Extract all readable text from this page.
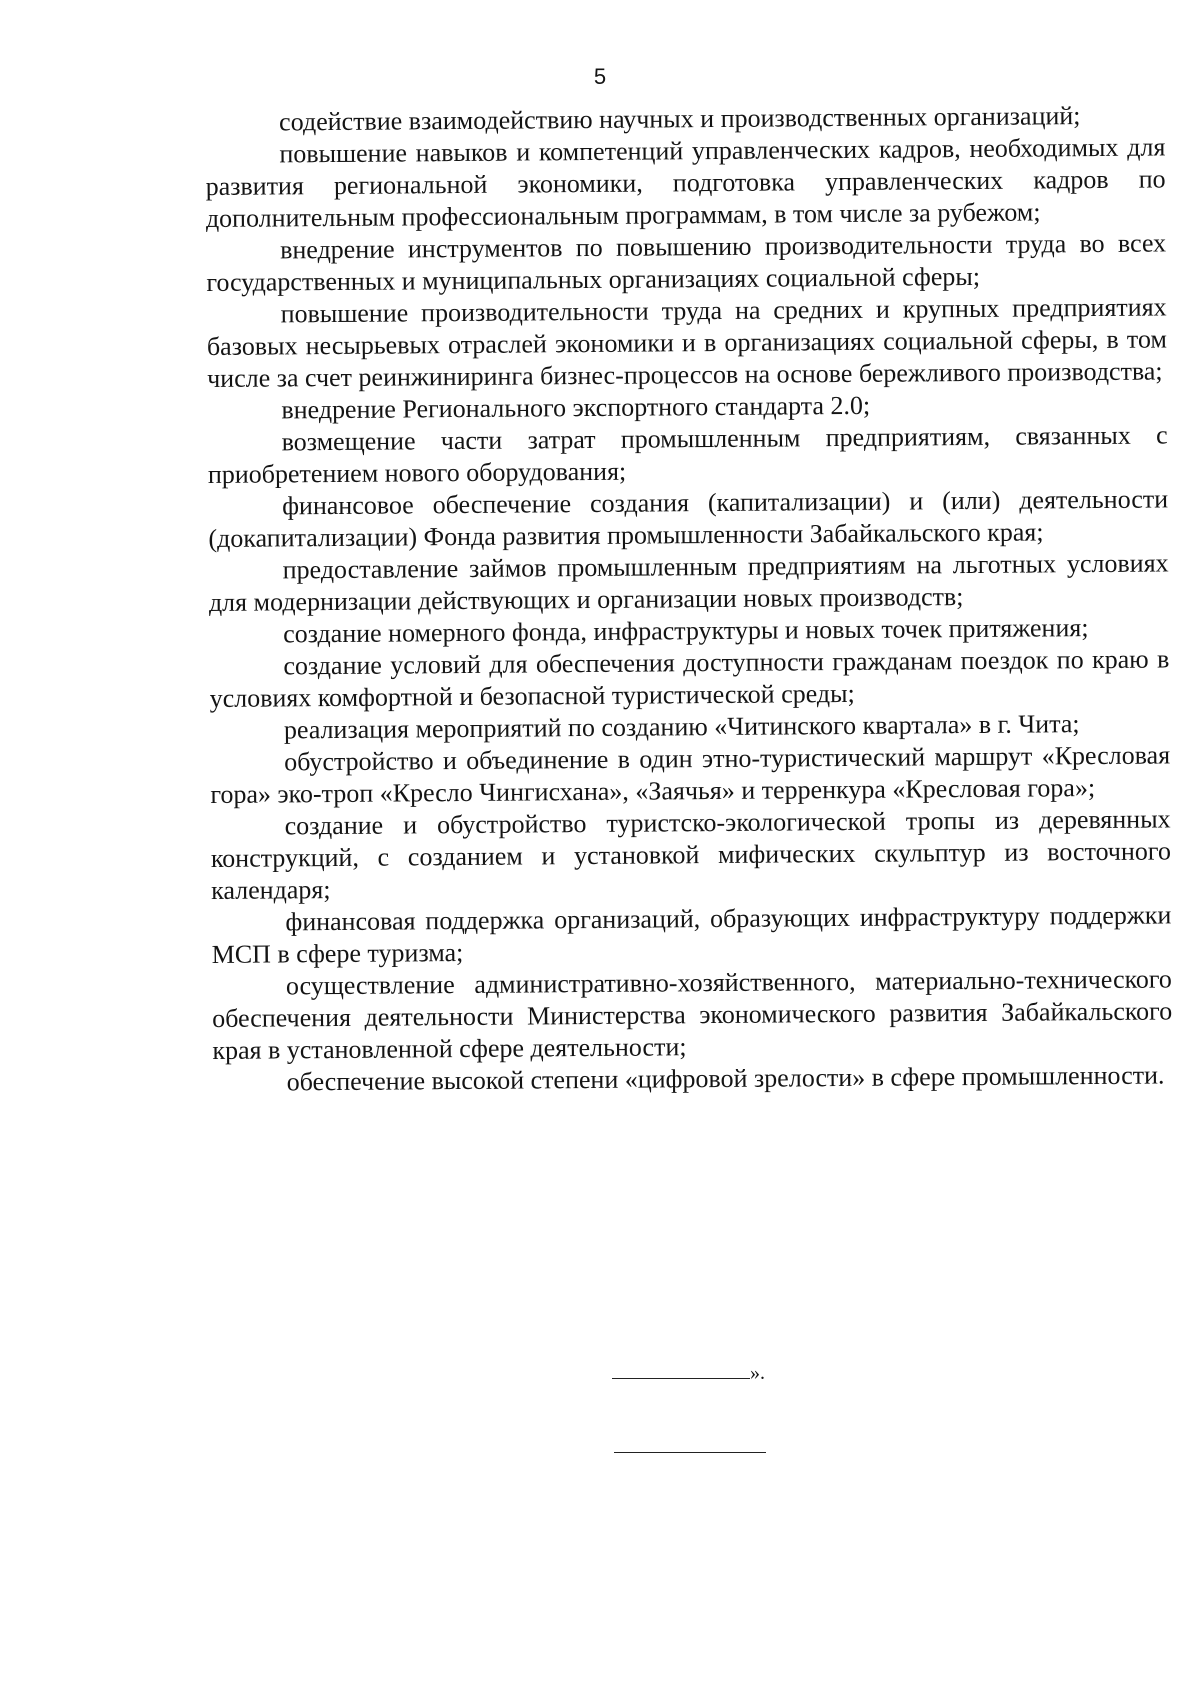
5

содействие взаимодействию научных и производственных организаций;

повышение навыков и компетенций управленческих кадров, необходимых для развития региональной экономики, подготовка управленческих кадров по дополнительным профессиональным программам, в том числе за рубежом;

внедрение инструментов по повышению производительности труда во всех государственных и муниципальных организациях социальной сферы;

повышение производительности труда на средних и крупных предприятиях базовых несырьевых отраслей экономики и в организациях социальной сферы, в том числе за счет реинжиниринга бизнес-процессов на основе бережливого производства;

внедрение Регионального экспортного стандарта 2.0;

возмещение части затрат промышленным предприятиям, связанных с приобретением нового оборудования;

финансовое обеспечение создания (капитализации) и (или) деятельности (докапитализации) Фонда развития промышленности Забайкальского края;

предоставление займов промышленным предприятиям на льготных условиях для модернизации действующих и организации новых производств;

создание номерного фонда, инфраструктуры и новых точек притяжения;

создание условий для обеспечения доступности гражданам поездок по краю в условиях комфортной и безопасной туристической среды;

реализация мероприятий по созданию «Читинского квартала» в г. Чита;

обустройство и объединение в один этно-туристический маршрут «Кресловая гора» эко-троп «Кресло Чингисхана», «Заячья» и терренкура «Кресловая гора»;

создание и обустройство туристско-экологической тропы из деревянных конструкций, с созданием и установкой мифических скульптур из восточного календаря;

финансовая поддержка организаций, образующих инфраструктуру поддержки МСП в сфере туризма;

осуществление административно-хозяйственного, материально-технического обеспечения деятельности Министерства экономического развития Забайкальского края в установленной сфере деятельности;

обеспечение высокой степени «цифровой зрелости» в сфере промышленности.

».
